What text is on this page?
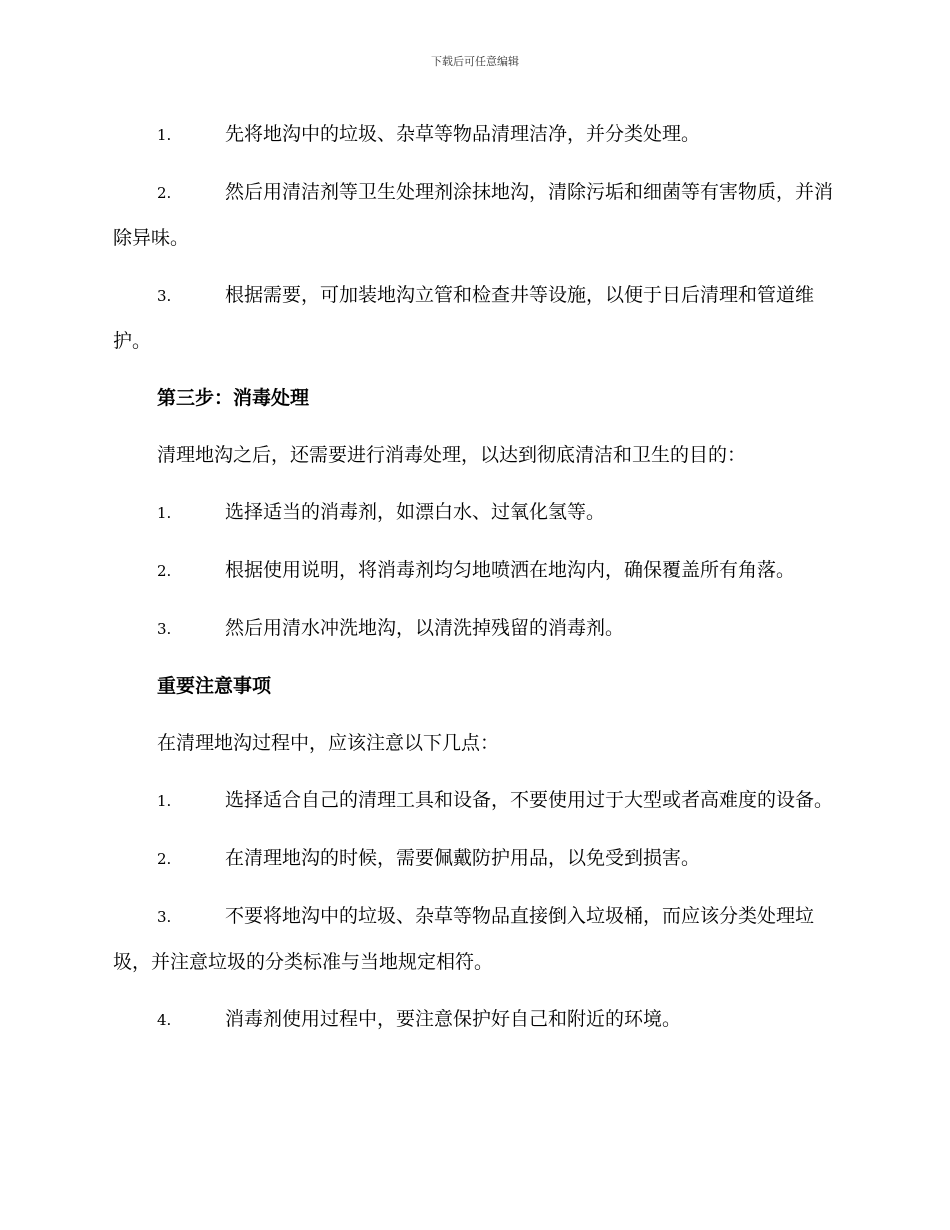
下载后可任意编辑
1.	先将地沟中的垃圾、杂草等物品清理洁净，并分类处理。
2.	然后用清洁剂等卫生处理剂涂抹地沟，清除污垢和细菌等有害物质，并消除异味。
3.	根据需要，可加装地沟立管和检查井等设施，以便于日后清理和管道维护。
第三步：消毒处理
清理地沟之后，还需要进行消毒处理，以达到彻底清洁和卫生的目的：
1.	选择适当的消毒剂，如漂白水、过氧化氢等。
2.	根据使用说明，将消毒剂均匀地喷洒在地沟内，确保覆盖所有角落。
3.	然后用清水冲洗地沟，以清洗掉残留的消毒剂。
重要注意事项
在清理地沟过程中，应该注意以下几点：
1.	选择适合自己的清理工具和设备，不要使用过于大型或者高难度的设备。
2.	在清理地沟的时候，需要佩戴防护用品，以免受到损害。
3.	不要将地沟中的垃圾、杂草等物品直接倒入垃圾桶，而应该分类处理垃圾，并注意垃圾的分类标准与当地规定相符。
4.	消毒剂使用过程中，要注意保护好自己和附近的环境。
